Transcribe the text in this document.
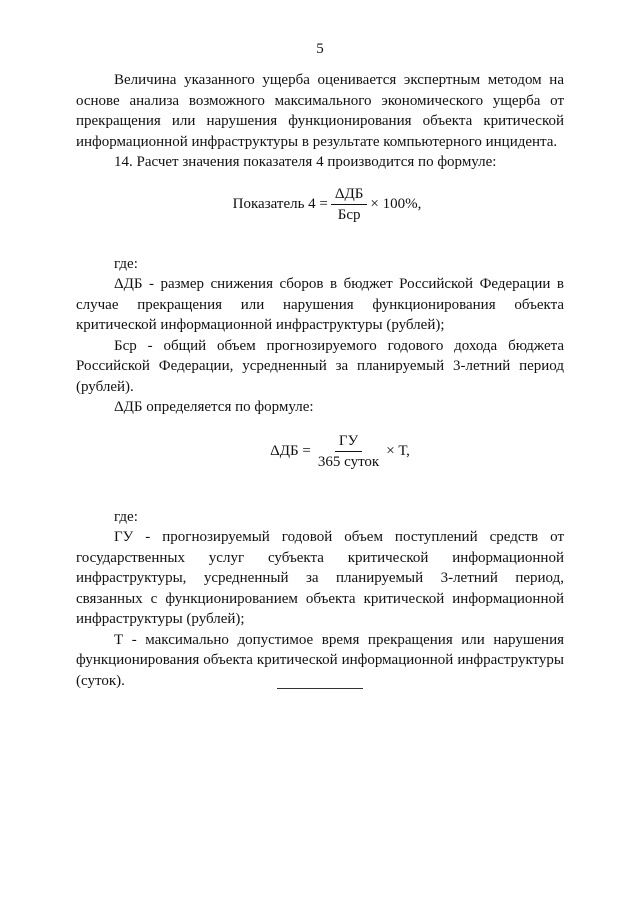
5

Величина указанного ущерба оценивается экспертным методом на основе анализа возможного максимального экономического ущерба от прекращения или нарушения функционирования объекта критической информационной инфраструктуры в результате компьютерного инцидента.

14. Расчет значения показателя 4 производится по формуле:

Показатель $4 = \frac{\text{ΔДБ}}{\text{Бср}} \times 100\%$,

где:

ΔДБ - размер снижения сборов в бюджет Российской Федерации в случае прекращения или нарушения функционирования объекта критической информационной инфраструктуры (рублей);

Бср - общий объем прогнозируемого годового дохода бюджета Российской Федерации, усредненный за планируемый 3-летний период (рублей).

ΔДБ определяется по формуле:

$\Delta ДБ = \frac{ГУ}{\text{365 суток}} \times Т$,

где:

ГУ - прогнозируемый годовой объем поступлений средств от государственных услуг субъекта критической информационной инфраструктуры, усредненный за планируемый 3-летний период, связанных с функционированием объекта критической информационной инфраструктуры (рублей);

Т - максимально допустимое время прекращения или нарушения функционирования объекта критической информационной инфраструктуры (суток).
